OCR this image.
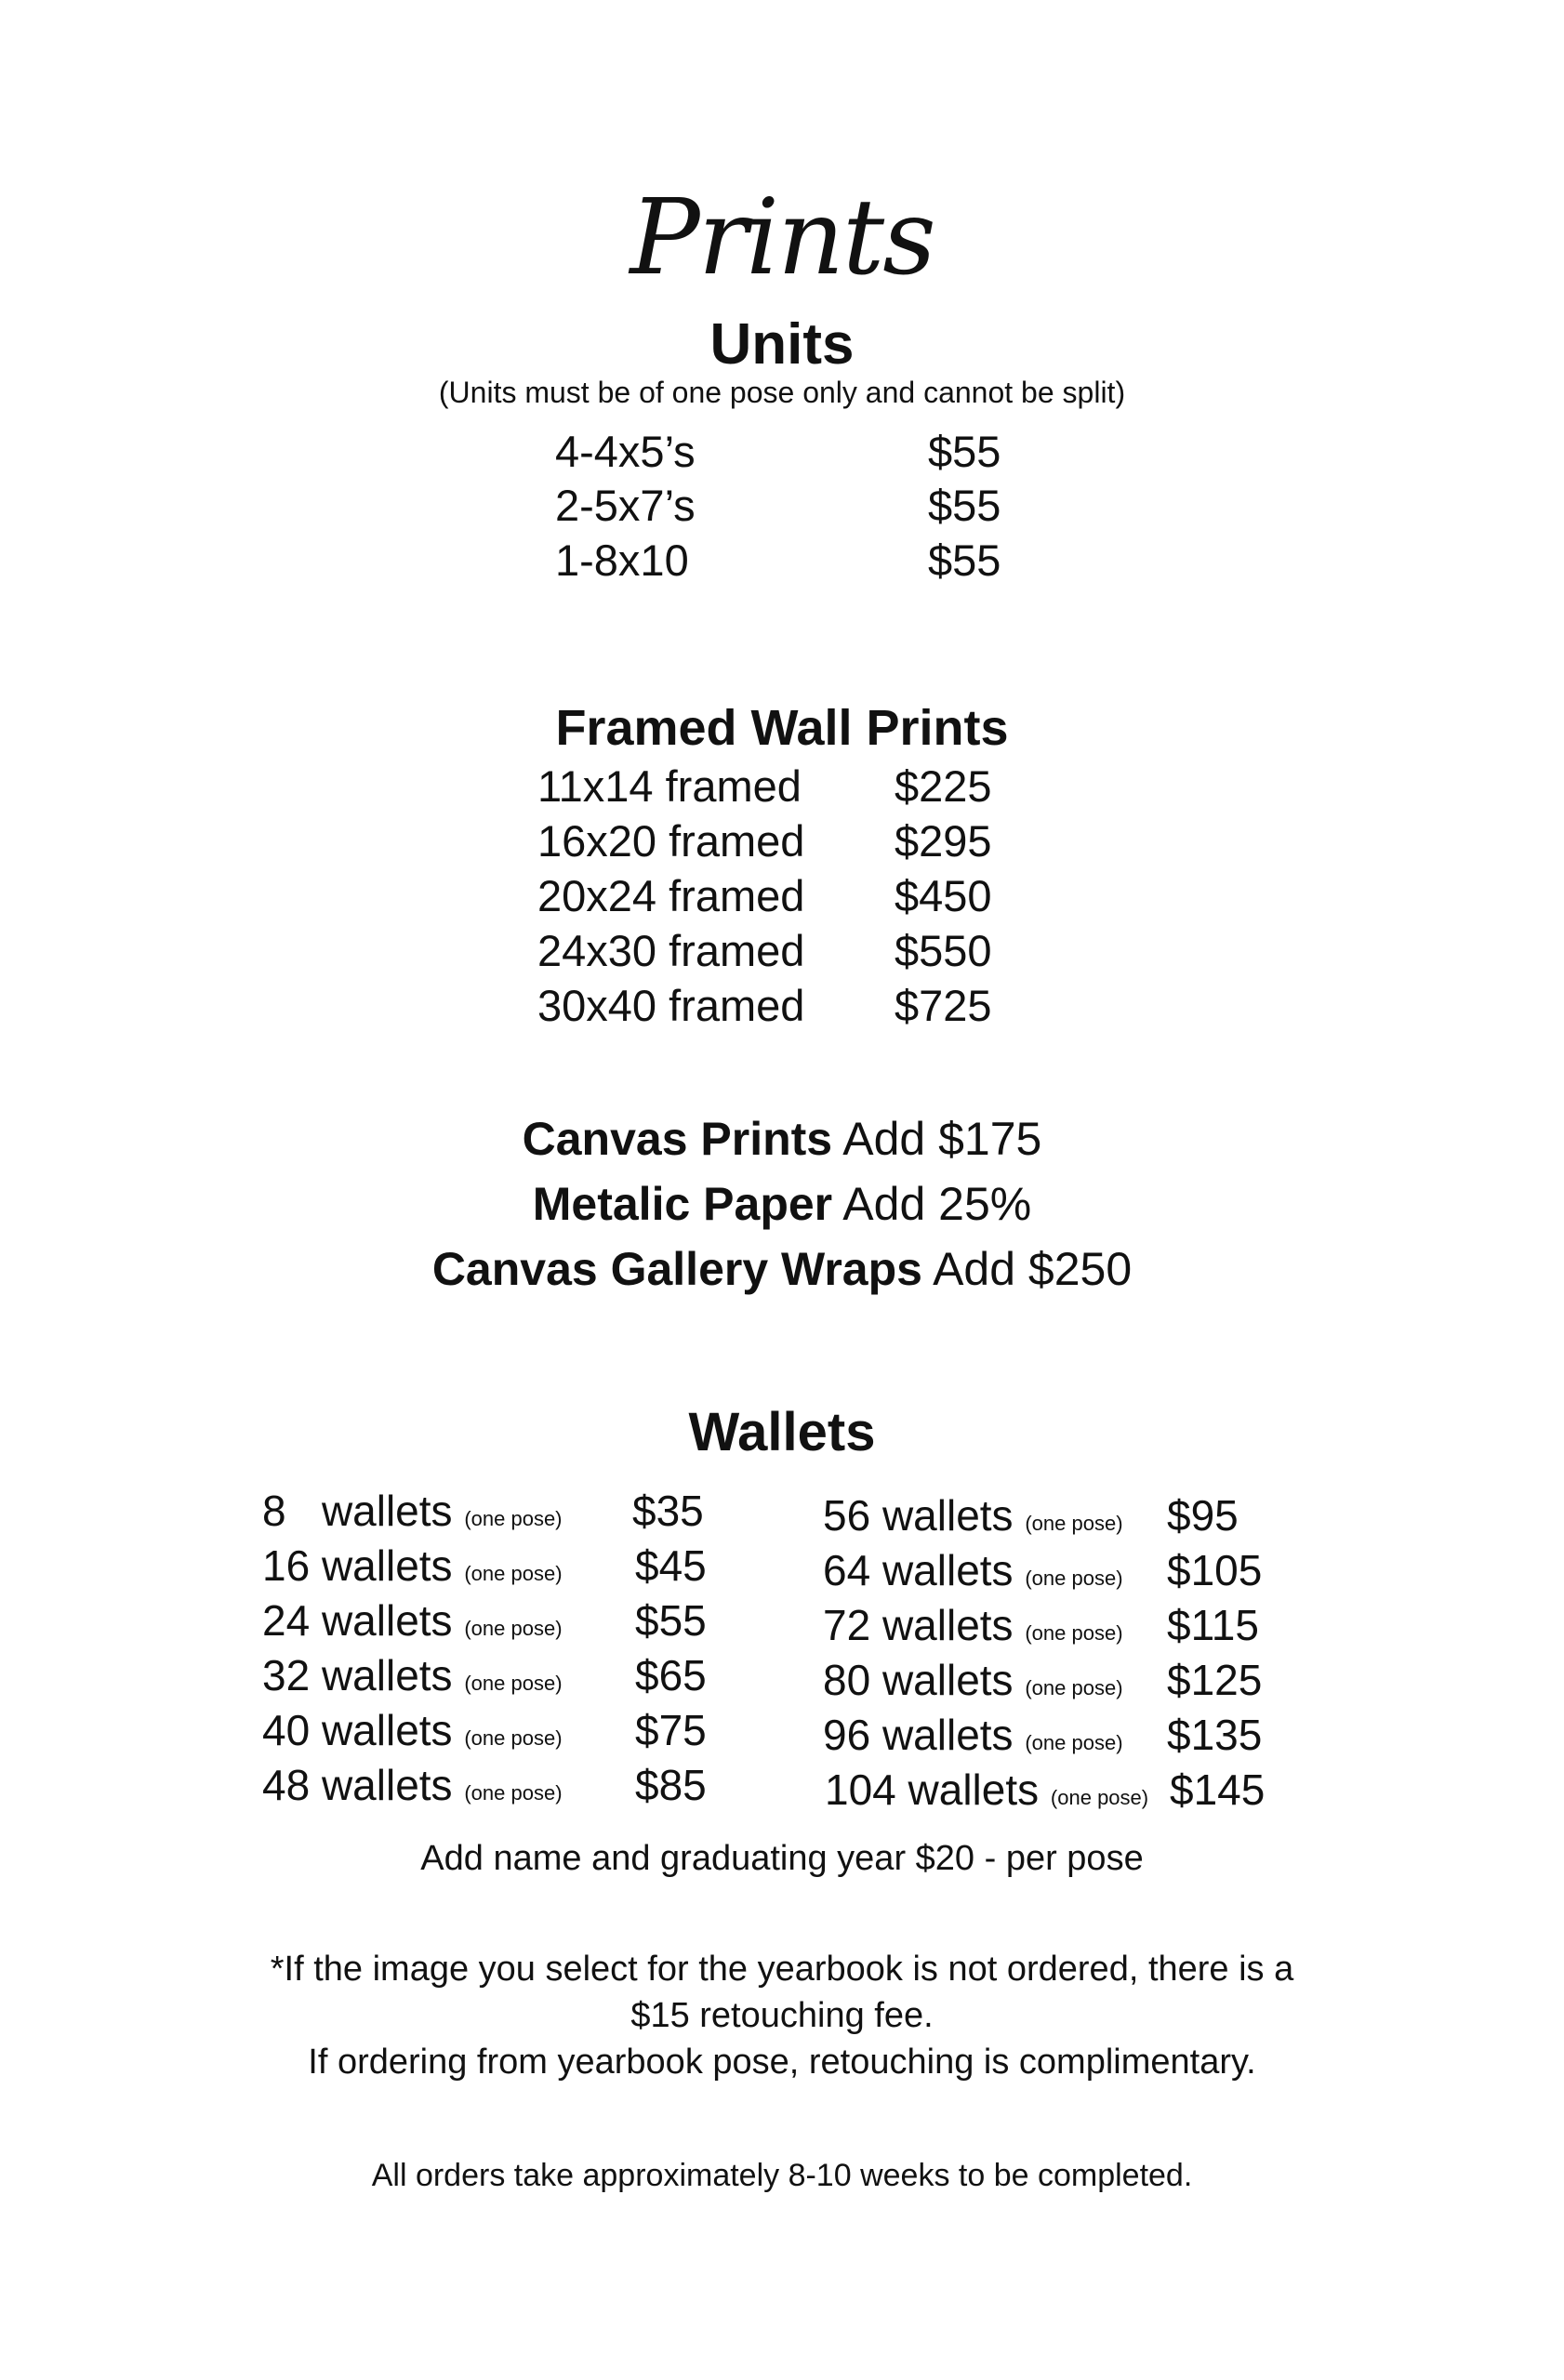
Prints
Units
(Units must be of one pose only and cannot be split)
4-4x5’s	$55
2-5x7’s	$55
1-8x10	$55
Framed Wall Prints
11x14 framed $225
16x20 framed $295
20x24 framed $450
24x30 framed $550
30x40 framed $725
Canvas Prints Add $175
Metalic Paper Add 25%
Canvas Gallery Wraps Add $250
Wallets
8 wallets (one pose) $35
16 wallets (one pose) $45
24 wallets (one pose) $55
32 wallets (one pose) $65
40 wallets (one pose) $75
48 wallets (one pose) $85
56 wallets (one pose) $95
64 wallets (one pose) $105
72 wallets (one pose) $115
80 wallets (one pose) $125
96 wallets (one pose) $135
104 wallets (one pose) $145
Add name and graduating year $20 - per pose
*If the image you select for the yearbook is not ordered, there is a
$15 retouching fee.
If ordering from yearbook pose, retouching is complimentary.
All orders take approximately 8-10 weeks to be completed.
